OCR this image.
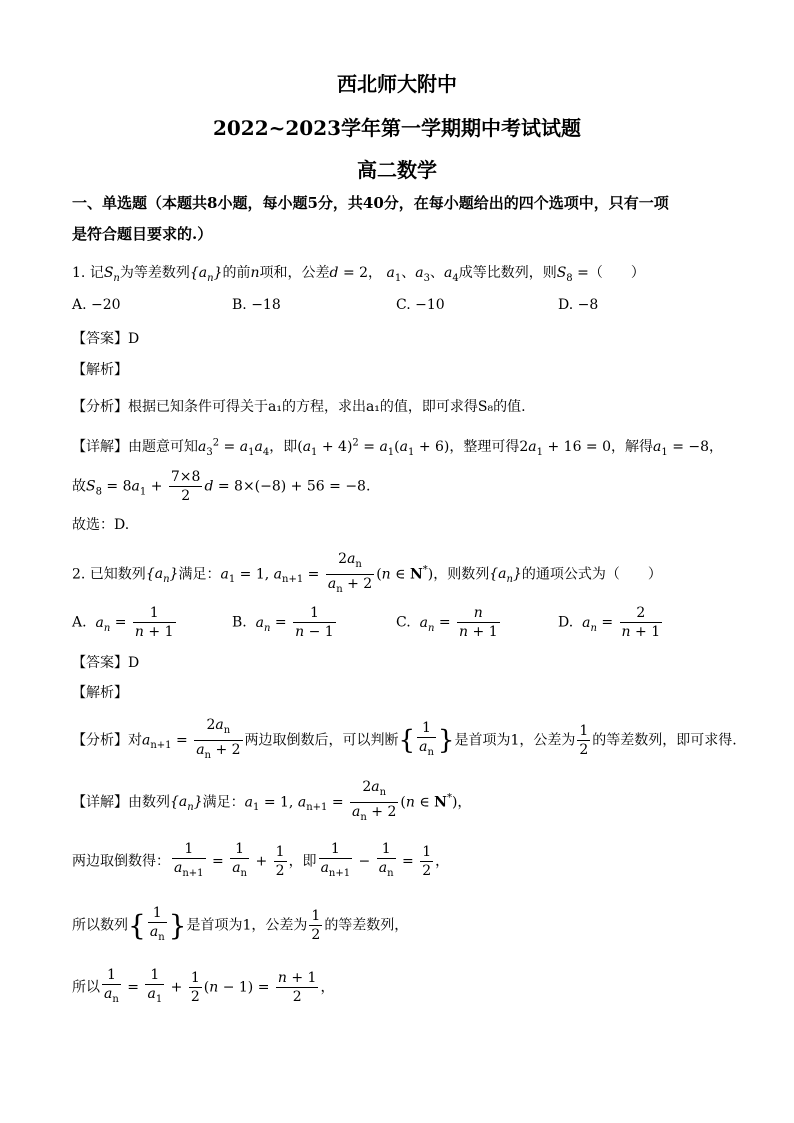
西北师大附中
2022~2023学年第一学期期中考试试题
高二数学
一、单选题（本题共8小题，每小题5分，共40分，在每小题给出的四个选项中，只有一项
是符合题目要求的.）
1. 记$S_n$为等差数列$\{a_n\}$的前n项和，公差d = 2， $a_1$、$a_3$、$a_4$成等比数列，则$S_8$ =（　　）
A. −20	B. −18	C. −10	D. −8
【答案】D
【解析】
【分析】根据已知条件可得关于a₁的方程，求出a₁的值，即可求得S₈的值.
【详解】由题意可知$a_3^2 = a_1a_4$，即$(a_1 + 4)^2 = a_1(a_1 + 6)$，整理可得$2a_1 + 16 = 0$，解得$a_1 = -8$，
故$S_8 = 8a_1 + \frac{7\times 8}{2}$ d = 8×(−8) + 56 = −8.
故选：D.
2. 已知数列$\{a_n\}$满足：$a_1 = 1$, $a_{n+1} = \frac{2a_n}{a_n + 2} (n$ ∈ N*)，则数列$\{a_n\}$的通项公式为（　　）
A. $a_n = \frac{1}{n + 1}$	B. $a_n = \frac{1}{n - 1}$	C. $a_n = \frac{n}{n + 1}$	D. $a_n = \frac{2}{n + 1}$
【答案】D
【解析】
【分析】对$a_{n+1} = \frac{2a_n}{a_n + 2}$ 两边取倒数后，可以判断{ $\frac{1}{a_n}$ }是首项为1，公差为 $\frac{1}{2}$ 的等差数列，即可求得.
【详解】由数列$\{a_n\}$满足：$a_1 = 1$, $a_{n+1} = \frac{2a_n}{a_n + 2} (n$ ∈ N*)，
两边取倒数得： $\frac{1}{a_{n+1}} = \frac{1}{a_n} + \frac{1}{2}$ ，即 $\frac{1}{a_{n+1}} - \frac{1}{a_n} = \frac{1}{2}$ ，
所以数列{ $\frac{1}{a_n}$ }是首项为1，公差为 $\frac{1}{2}$ 的等差数列，
所以 $\frac{1}{a_n} = \frac{1}{a_1} + \frac{1}{2} (n - 1) = \frac{n + 1}{2}$ ，
